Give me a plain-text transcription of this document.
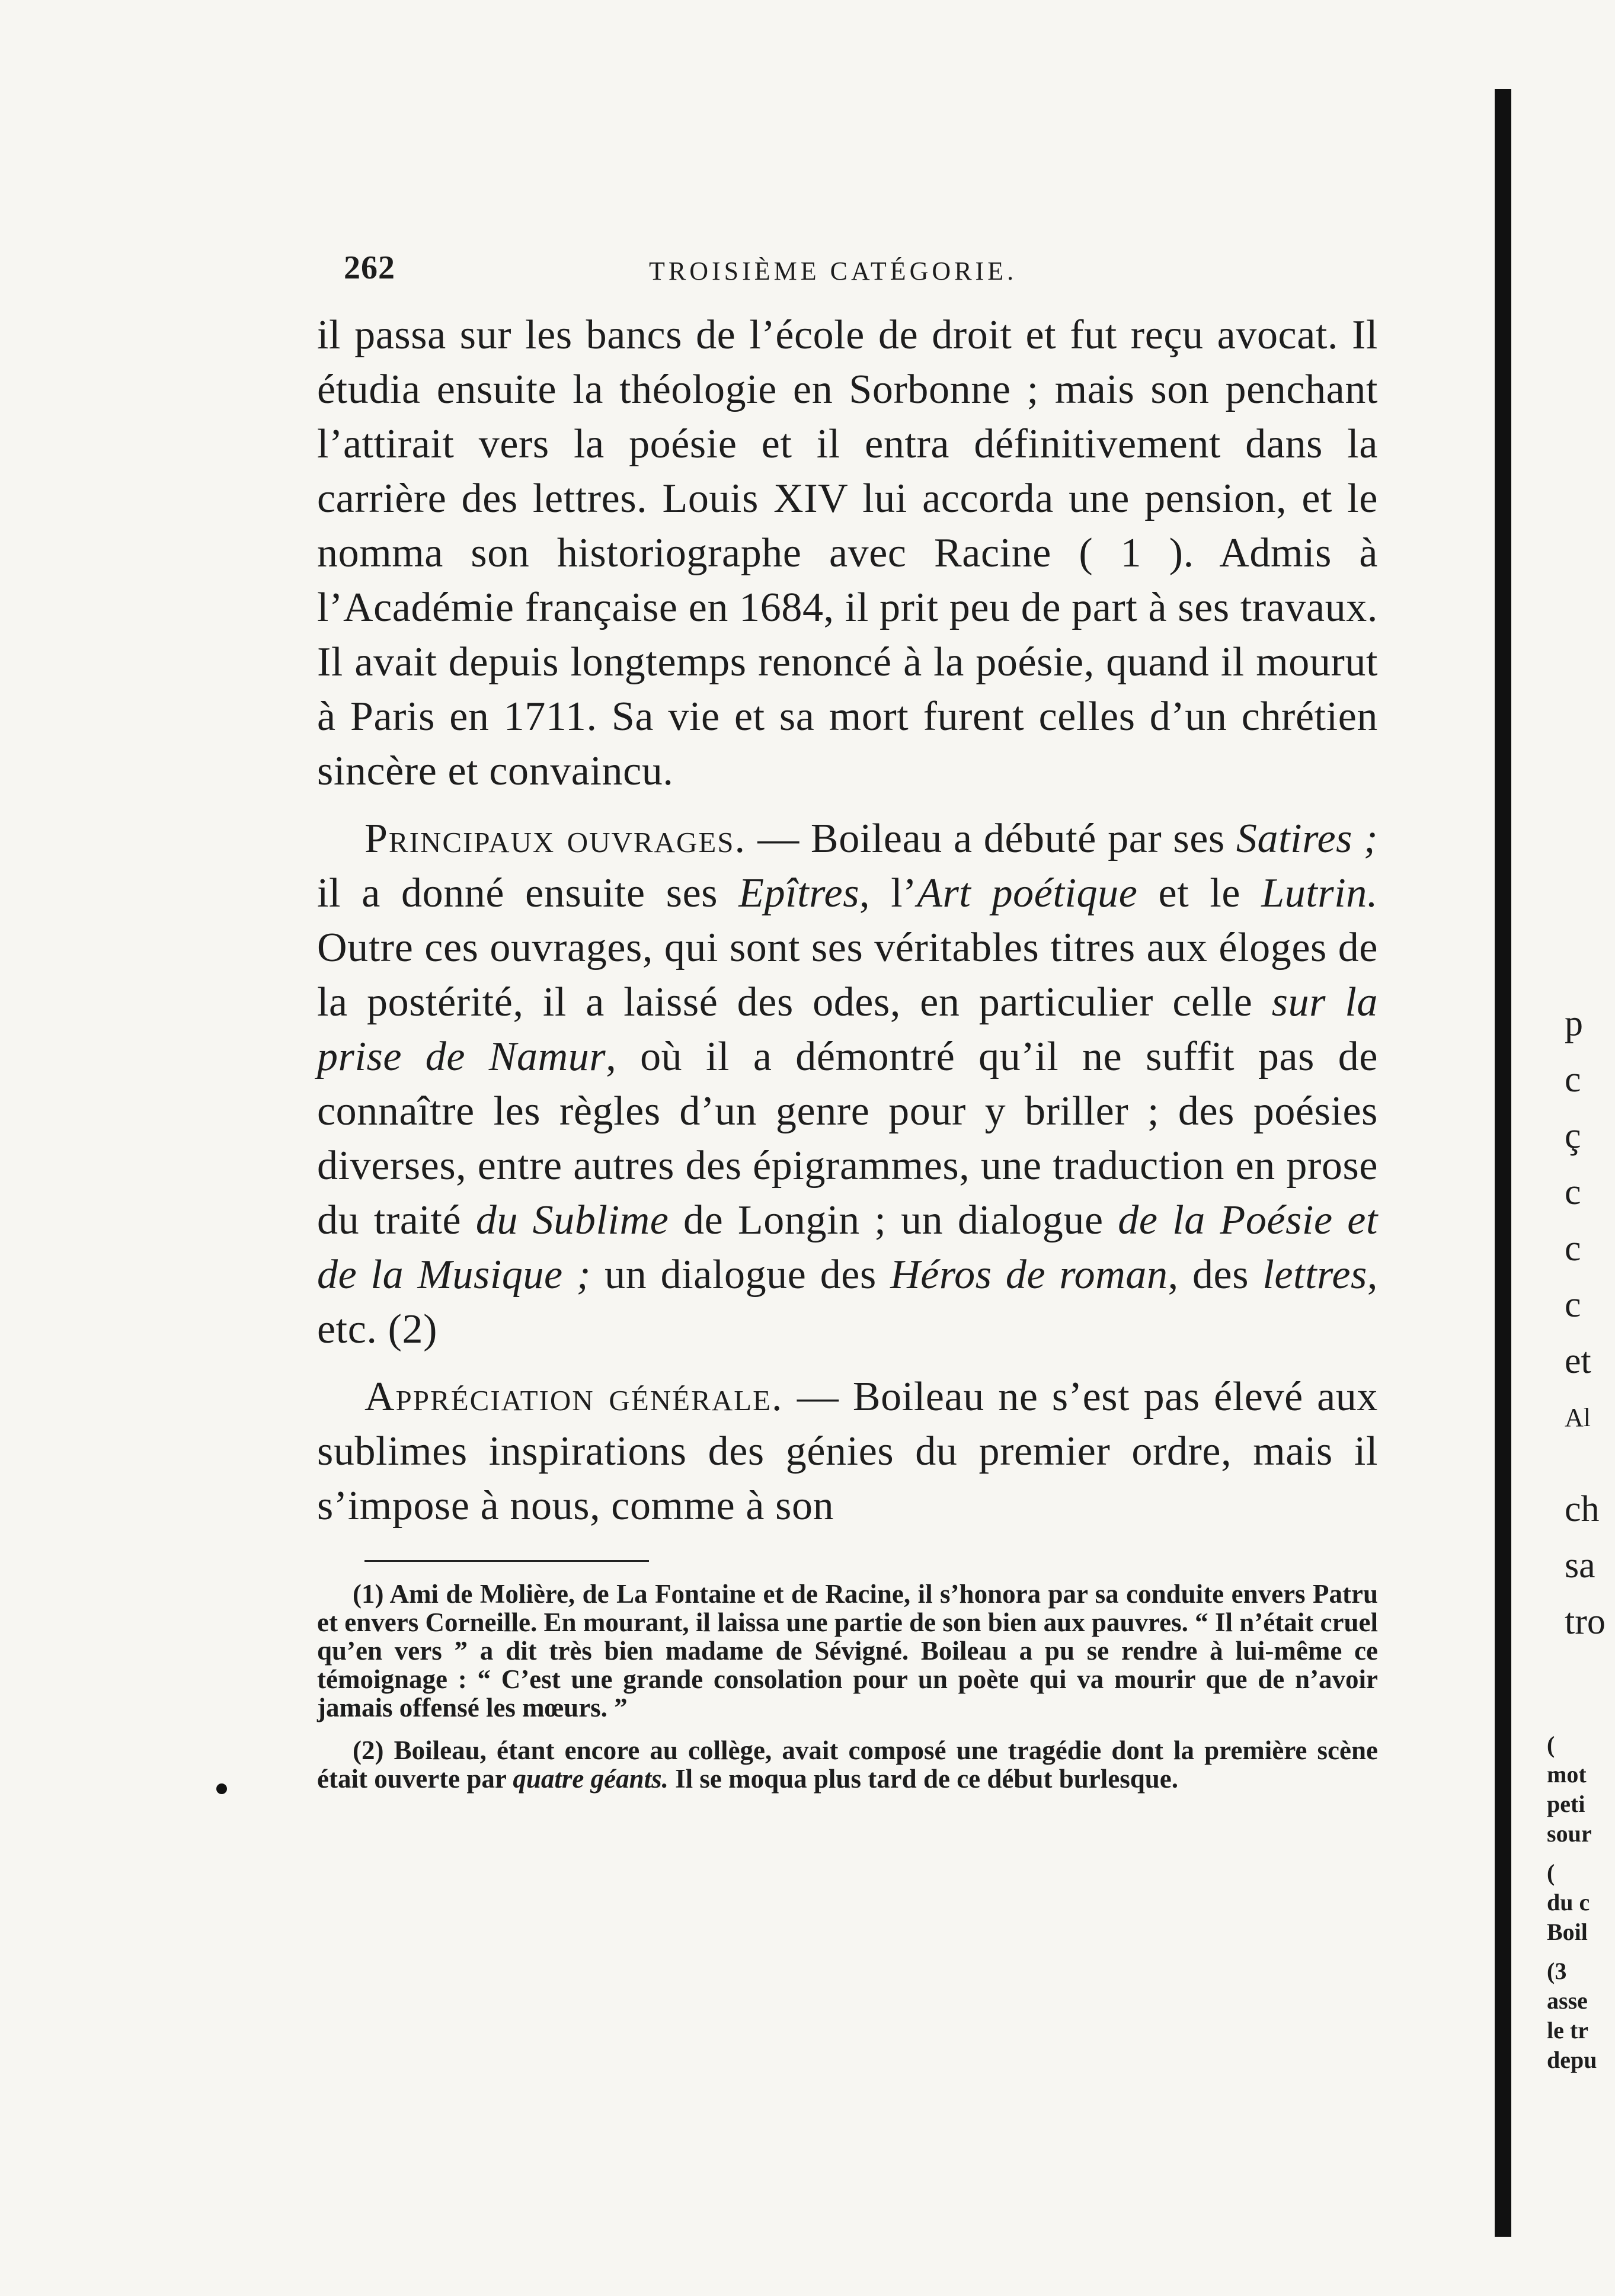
262	TROISIÈME CATÉGORIE.

il passa sur les bancs de l’école de droit et fut reçu avocat. Il étudia ensuite la théologie en Sorbonne ; mais son penchant l’attirait vers la poésie et il entra définitivement dans la carrière des lettres. Louis XIV lui accorda une pension, et le nomma son historiographe avec Racine ( 1 ). Admis à l’Académie française en 1684, il prit peu de part à ses travaux. Il avait depuis longtemps renoncé à la poésie, quand il mourut à Paris en 1711. Sa vie et sa mort furent celles d’un chrétien sincère et convaincu.

Principaux ouvrages. — Boileau a débuté par ses Satires ; il a donné ensuite ses Epîtres, l’Art poétique et le Lutrin. Outre ces ouvrages, qui sont ses véritables titres aux éloges de la postérité, il a laissé des odes, en particulier celle sur la prise de Namur, où il a démontré qu’il ne suffit pas de connaître les règles d’un genre pour y briller ; des poésies diverses, entre autres des épigrammes, une traduction en prose du traité du Sublime de Longin ; un dialogue de la Poésie et de la Musique ; un dialogue des Héros de roman, des lettres, etc. (2)

Appréciation générale. — Boileau ne s’est pas élevé aux sublimes inspirations des génies du premier ordre, mais il s’impose à nous, comme à son

(1) Ami de Molière, de La Fontaine et de Racine, il s’honora par sa conduite envers Patru et envers Corneille. En mourant, il laissa une partie de son bien aux pauvres. “ Il n’était cruel qu’en vers ” a dit très bien madame de Sévigné. Boileau a pu se rendre à lui-même ce témoignage : “ C’est une grande consolation pour un poète qui va mourir que de n’avoir jamais offensé les mœurs. ”

(2) Boileau, étant encore au collège, avait composé une tragédie dont la première scène était ouverte par quatre géants. Il se moqua plus tard de ce début burlesque.

p
c
ç
c
c
c
et
Al
ch
sa
tro
(
mot
peti
sour
(
du c
Boil
(3
asse
le tr
depu
